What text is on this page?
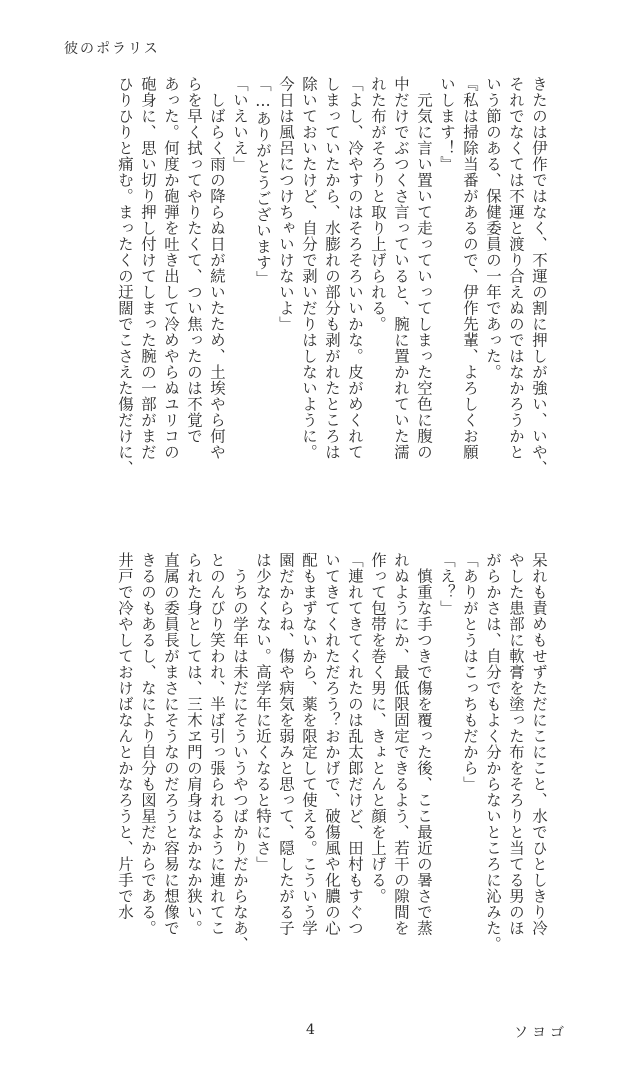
彼のポラリス
きたのは伊作ではなく、不運の割に押しが強い、いや、
それでなくては不運と渡り合えぬのではなかろうかと
いう節のある、保健委員の一年であった。
『私は掃除当番があるので、伊作先輩、よろしくお願
いします！』
　元気に言い置いて走っていってしまった空色に腹の
中だけでぶつくさ言っていると、腕に置かれていた濡
れた布がそろりと取り上げられる。
「よし、冷やすのはそろそろいいかな。皮がめくれて
しまっていたから、水膨れの部分も剥がれたところは
除いておいたけど、自分で剥いだりはしないように。
今日は風呂につけちゃいけないよ」
「…ありがとうございます」
「いえいえ」
　しばらく雨の降らぬ日が続いたため、土埃やら何や
らを早く拭ってやりたくて、つい焦ったのは不覚で
あった。何度か砲弾を吐き出して冷めやらぬユリコの
砲身に、思い切り押し付けてしまった腕の一部がまだ
ひりひりと痛む。まったくの迂闊でこさえた傷だけに、
呆れも責めもせずただにこにこと、水でひとしきり冷
やした患部に軟膏を塗った布をそろりと当てる男のほ
がらかさは、自分でもよく分からないところに沁みた。
「ありがとうはこっちもだから」
「え？」
　慎重な手つきで傷を覆った後、ここ最近の暑さで蒸
れぬようにか、最低限固定できるよう、若干の隙間を
作って包帯を巻く男に、きょとんと顔を上げる。
「連れてきてくれたのは乱太郎だけど、田村もすぐつ
いてきてくれただろう？おかげで、破傷風や化膿の心
配もまずないから、薬を限定して使える。こういう学
園だからね、傷や病気を弱みと思って、隠したがる子
は少なくない。高学年に近くなると特にさ」
　うちの学年は未だにそういうやつばかりだからなあ、
とのんびり笑われ、半ば引っ張られるように連れてこ
られた身としては、三木ヱ門の肩身はなかなか狭い。
直属の委員長がまさにそうなのだろうと容易に想像で
きるのもあるし、なにより自分も図星だからである。
井戸で冷やしておけばなんとかなろうと、片手で水
4	ソヨゴ
